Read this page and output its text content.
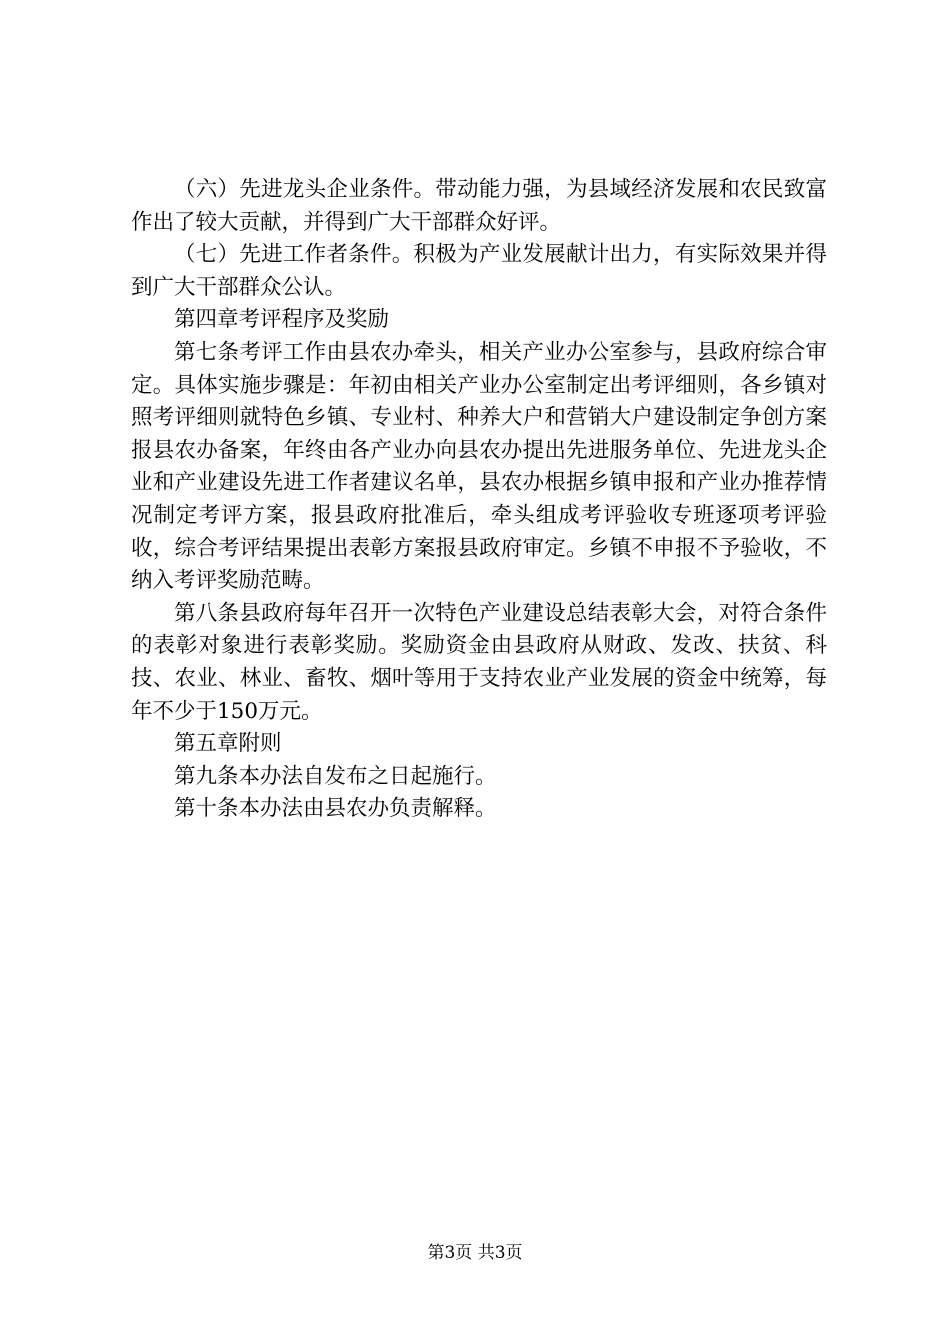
（六）先进龙头企业条件。带动能力强，为县域经济发展和农民致富作出了较大贡献，并得到广大干部群众好评。

（七）先进工作者条件。积极为产业发展献计出力，有实际效果并得到广大干部群众公认。

第四章考评程序及奖励

第七条考评工作由县农办牵头，相关产业办公室参与，县政府综合审定。具体实施步骤是：年初由相关产业办公室制定出考评细则，各乡镇对照考评细则就特色乡镇、专业村、种养大户和营销大户建设制定争创方案报县农办备案，年终由各产业办向县农办提出先进服务单位、先进龙头企业和产业建设先进工作者建议名单，县农办根据乡镇申报和产业办推荐情况制定考评方案，报县政府批准后，牵头组成考评验收专班逐项考评验收，综合考评结果提出表彰方案报县政府审定。乡镇不申报不予验收，不纳入考评奖励范畴。

第八条县政府每年召开一次特色产业建设总结表彰大会，对符合条件的表彰对象进行表彰奖励。奖励资金由县政府从财政、发改、扶贫、科技、农业、林业、畜牧、烟叶等用于支持农业产业发展的资金中统筹，每年不少于150万元。

第五章附则

第九条本办法自发布之日起施行。

第十条本办法由县农办负责解释。

第3页 共3页
